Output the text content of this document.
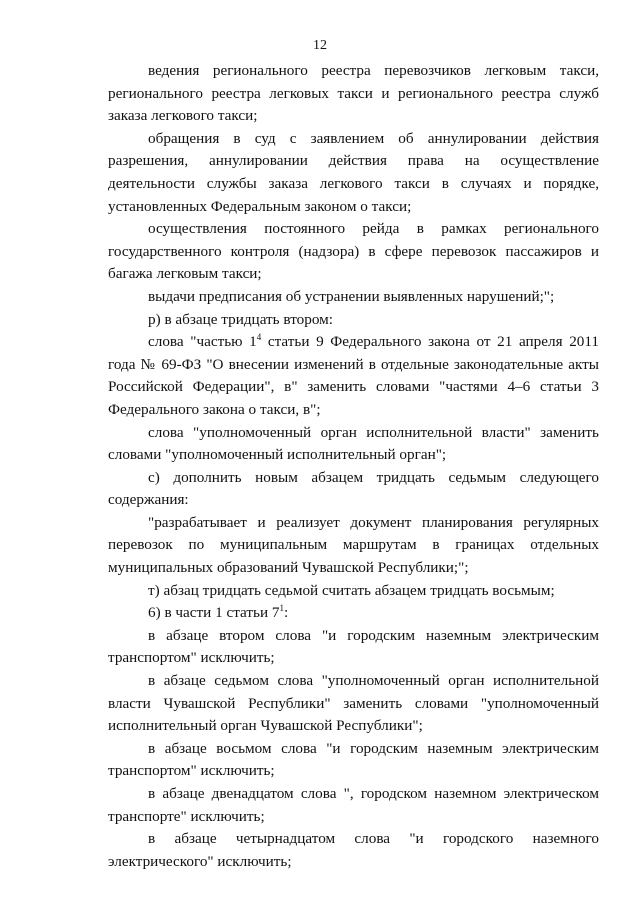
12

ведения регионального реестра перевозчиков легковым такси, регионального реестра легковых такси и регионального реестра служб заказа легкового такси;

обращения в суд с заявлением об аннулировании действия разрешения, аннулировании действия права на осуществление деятельности службы заказа легкового такси в случаях и порядке, установленных Федеральным законом о такси;

осуществления постоянного рейда в рамках регионального государственного контроля (надзора) в сфере перевозок пассажиров и багажа легковым такси;

выдачи предписания об устранении выявленных нарушений;";

р) в абзаце тридцать втором:

слова "частью $1^4$ статьи 9 Федерального закона от 21 апреля 2011 года № 69-ФЗ "О внесении изменений в отдельные законодательные акты Российской Федерации", в" заменить словами "частями 4–6 статьи 3 Федерального закона о такси, в";

слова "уполномоченный орган исполнительной власти" заменить словами "уполномоченный исполнительный орган";

с) дополнить новым абзацем тридцать седьмым следующего содержания:

"разрабатывает и реализует документ планирования регулярных перевозок по муниципальным маршрутам в границах отдельных муниципальных образований Чувашской Республики;";

т) абзац тридцать седьмой считать абзацем тридцать восьмым;

6) в части 1 статьи $7^1$:

в абзаце втором слова "и городским наземным электрическим транспортом" исключить;

в абзаце седьмом слова "уполномоченный орган исполнительной власти Чувашской Республики" заменить словами "уполномоченный исполнительный орган Чувашской Республики";

в абзаце восьмом слова "и городским наземным электрическим транспортом" исключить;

в абзаце двенадцатом слова ", городском наземном электрическом транспорте" исключить;

в абзаце четырнадцатом слова "и городского наземного электрического" исключить;
